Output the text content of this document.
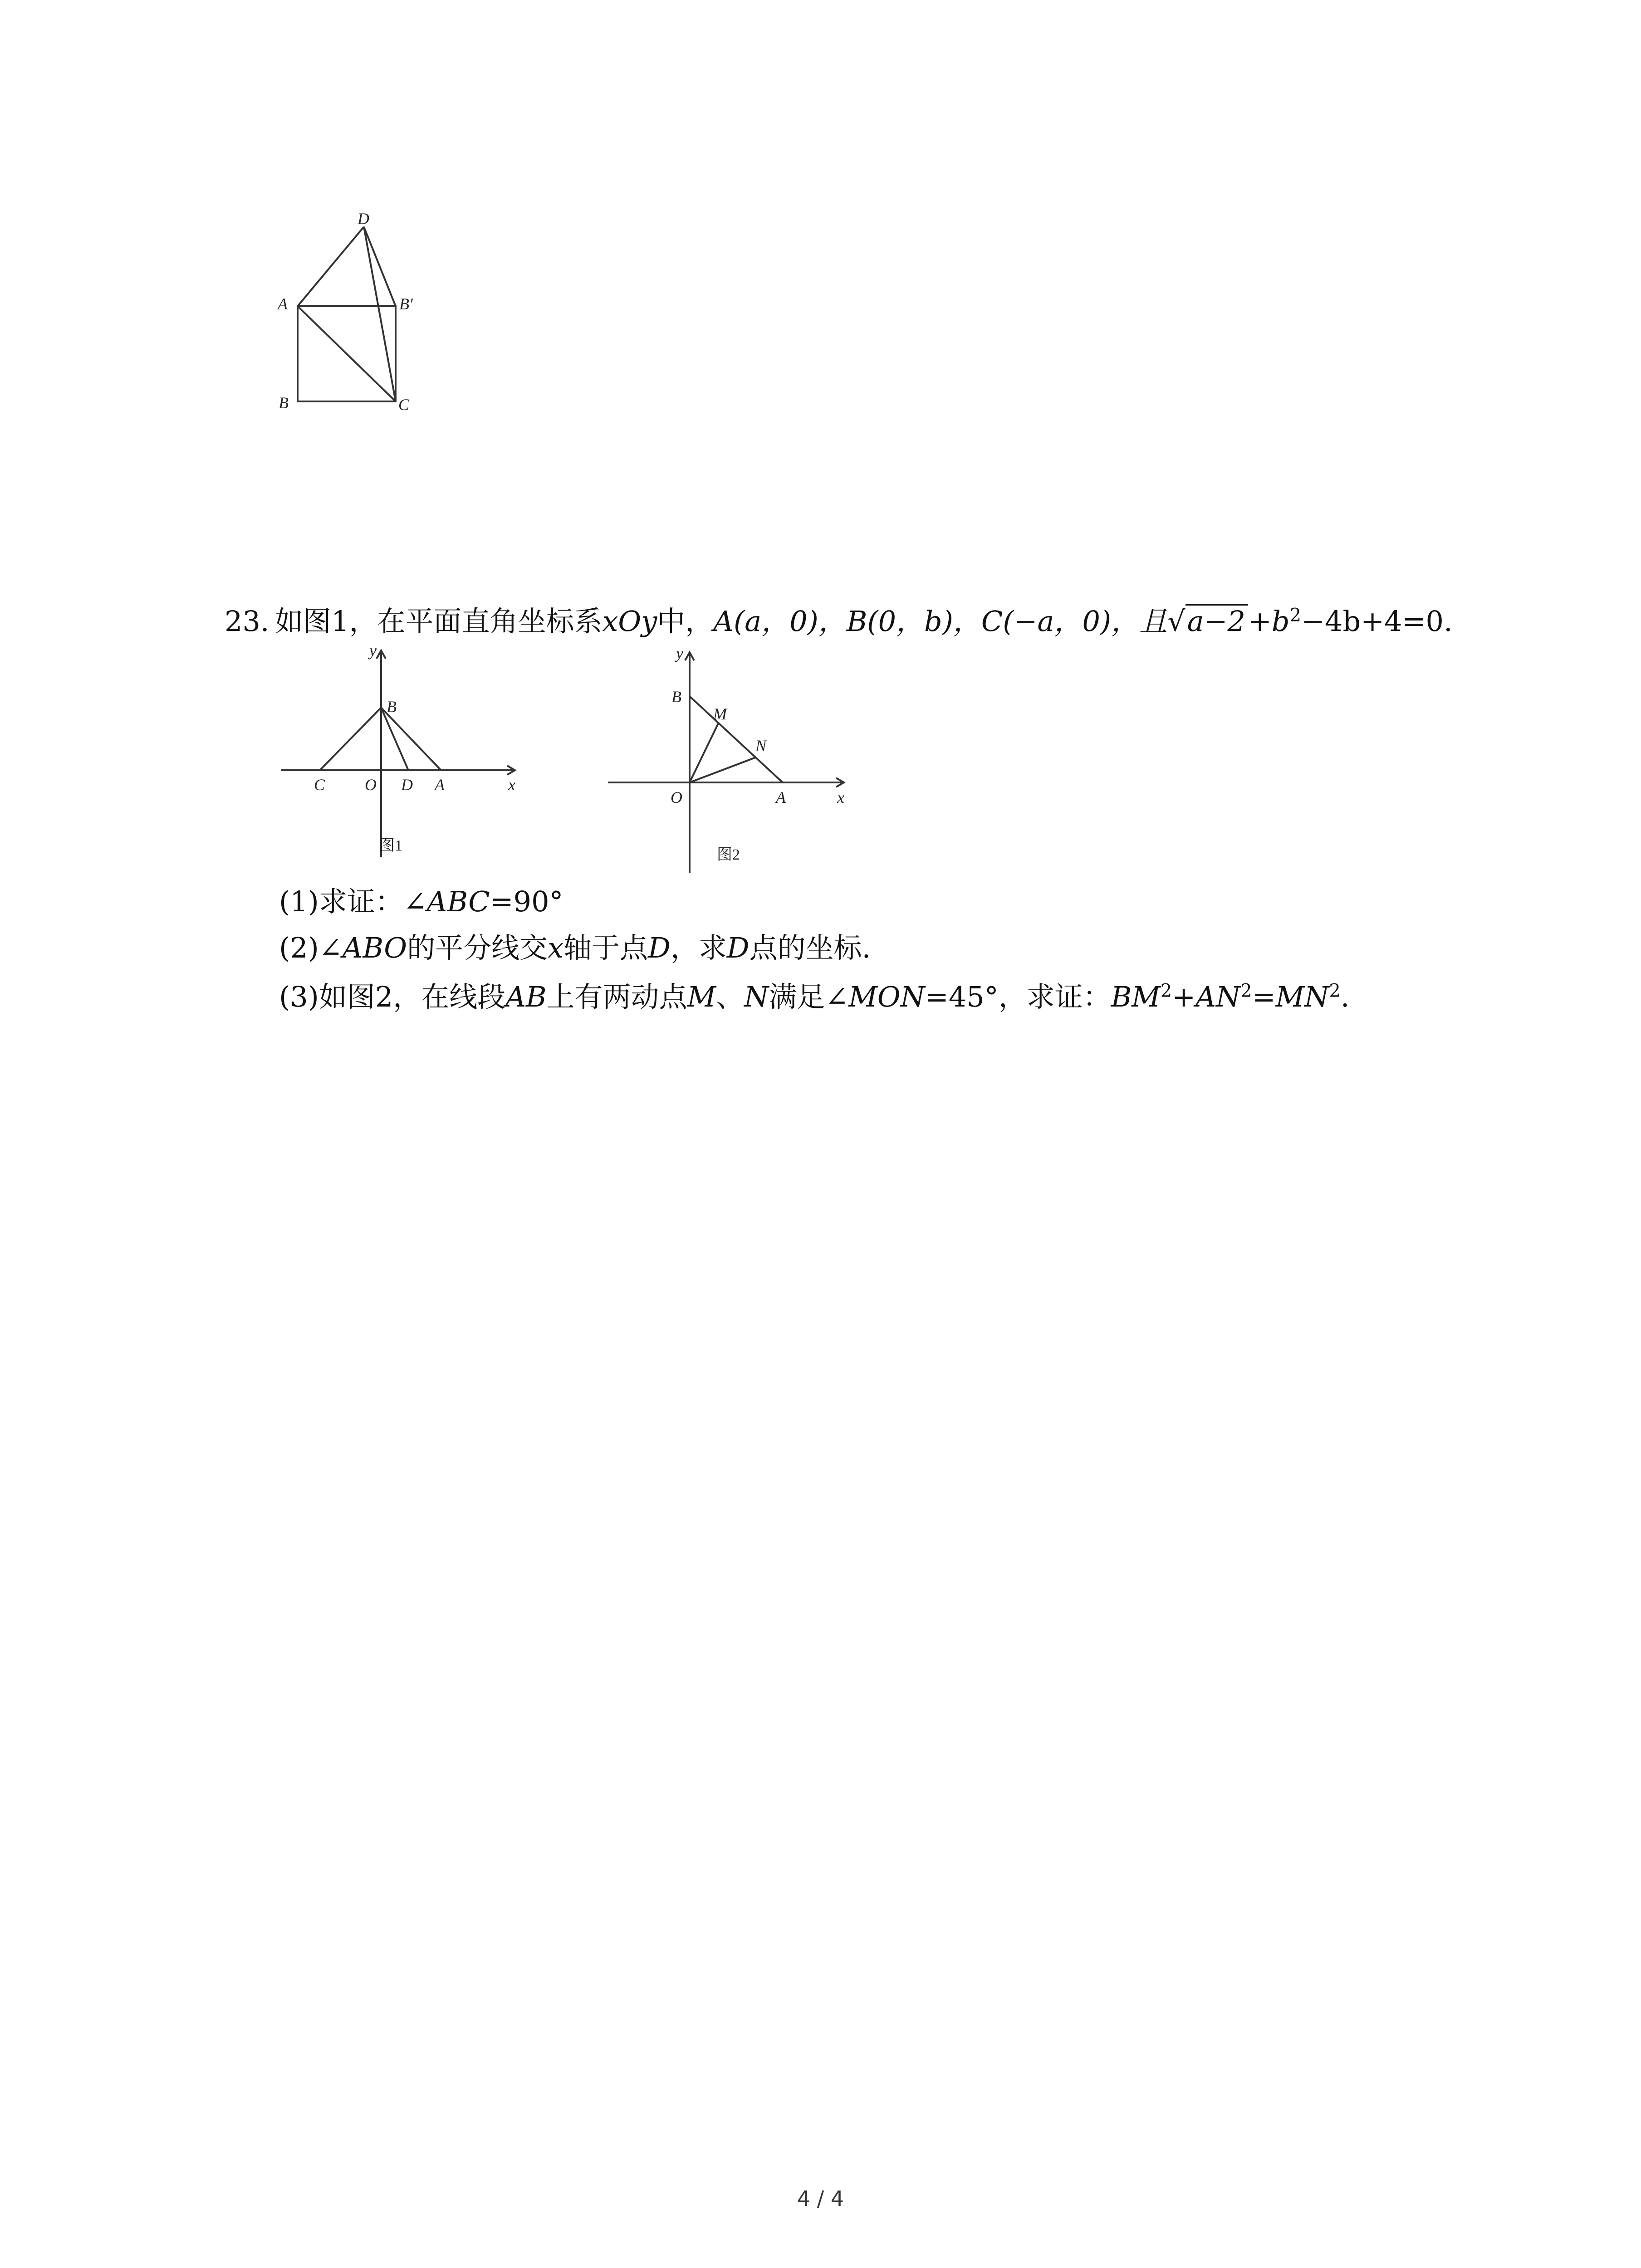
D
A	B′
B	C
23.  如图1，在平面直角坐标系xOy中，A(a，0)，B(0，b)，C(−a，0)，且$√a-2+b^2-4b+4=0$.
y
B
x
C O D A
图1
y
B
M
N
O	A	x
图2
(1)求证：∠ABC=90°
(2)∠ABO的平分线交x轴于点D，求D点的坐标.
(3)如图2，在线段AB上有两动点M、N满足∠MON=45°，求证：$BM^2+AN^2=MN^2$.
4 / 4
